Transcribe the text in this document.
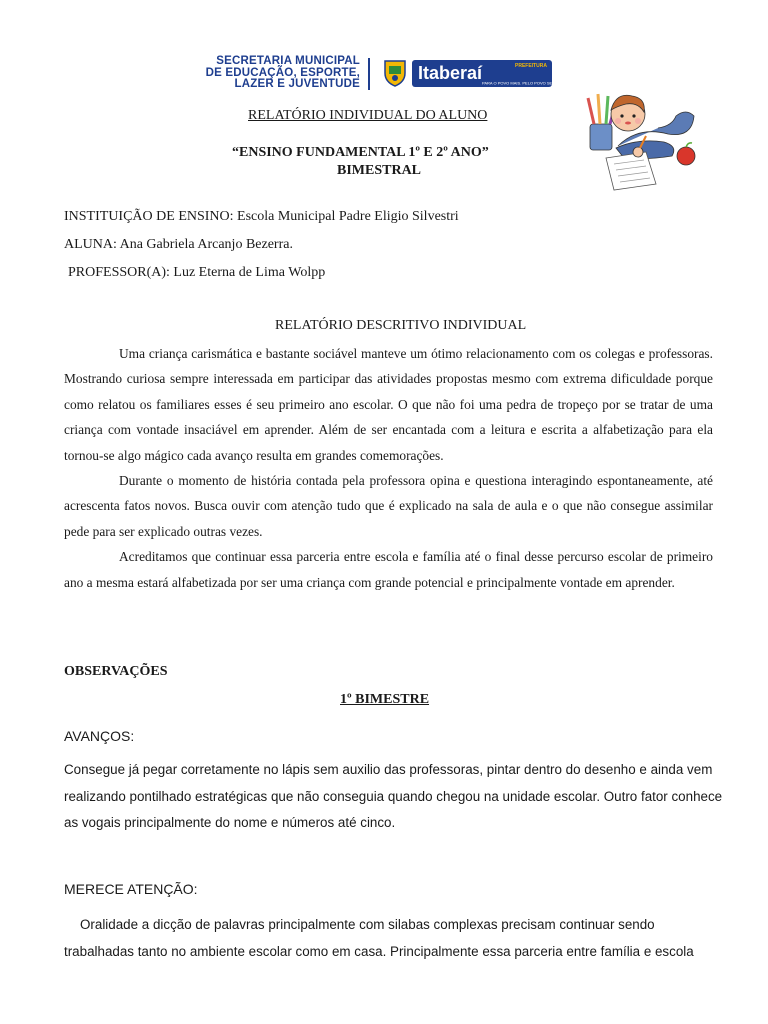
SECRETARIA MUNICIPAL
DE EDUCAÇÃO, ESPORTE,
LAZER E JUVENTUDE
PREFEITURA
Itaberaí PARA O POVO MAIS. PELO POVO SEMPRE.
RELATÓRIO INDIVIDUAL DO ALUNO
“ENSINO FUNDAMENTAL 1º E 2º ANO”
BIMESTRAL
INSTITUIÇÃO DE ENSINO: Escola Municipal Padre Eligio Silvestri
ALUNA: Ana Gabriela Arcanjo Bezerra.
PROFESSOR(A): Luz Eterna de Lima Wolpp
RELATÓRIO DESCRITIVO INDIVIDUAL

Uma criança carismática e bastante sociável manteve um ótimo relacionamento com os colegas e professoras. Mostrando curiosa sempre interessada em participar das atividades propostas mesmo com extrema dificuldade porque como relatou os familiares esses é seu primeiro ano escolar. O que não foi uma pedra de tropeço por se tratar de uma criança com vontade insaciável em aprender. Além de ser encantada com a leitura e escrita a alfabetização para ela tornou-se algo mágico cada avanço resulta em grandes comemorações.

Durante o momento de história contada pela professora opina e questiona interagindo espontaneamente, até acrescenta fatos novos. Busca ouvir com atenção tudo que é explicado na sala de aula e o que não consegue assimilar pede para ser explicado outras vezes.

Acreditamos que continuar essa parceria entre escola e família até o final desse percurso escolar de primeiro ano a mesma estará alfabetizada por ser uma criança com grande potencial e principalmente vontade em aprender.

OBSERVAÇÕES
1º BIMESTRE
AVANÇOS:
Consegue já pegar corretamente no lápis sem auxilio das professoras, pintar dentro do desenho e ainda vem realizando pontilhado estratégicas que não conseguia quando chegou na unidade escolar. Outro fator conhece as vogais principalmente do nome e números até cinco.
MERECE ATENÇÃO:
Oralidade a dicção de palavras principalmente com silabas complexas precisam continuar sendo trabalhadas tanto no ambiente escolar como em casa. Principalmente essa parceria entre família e escola
